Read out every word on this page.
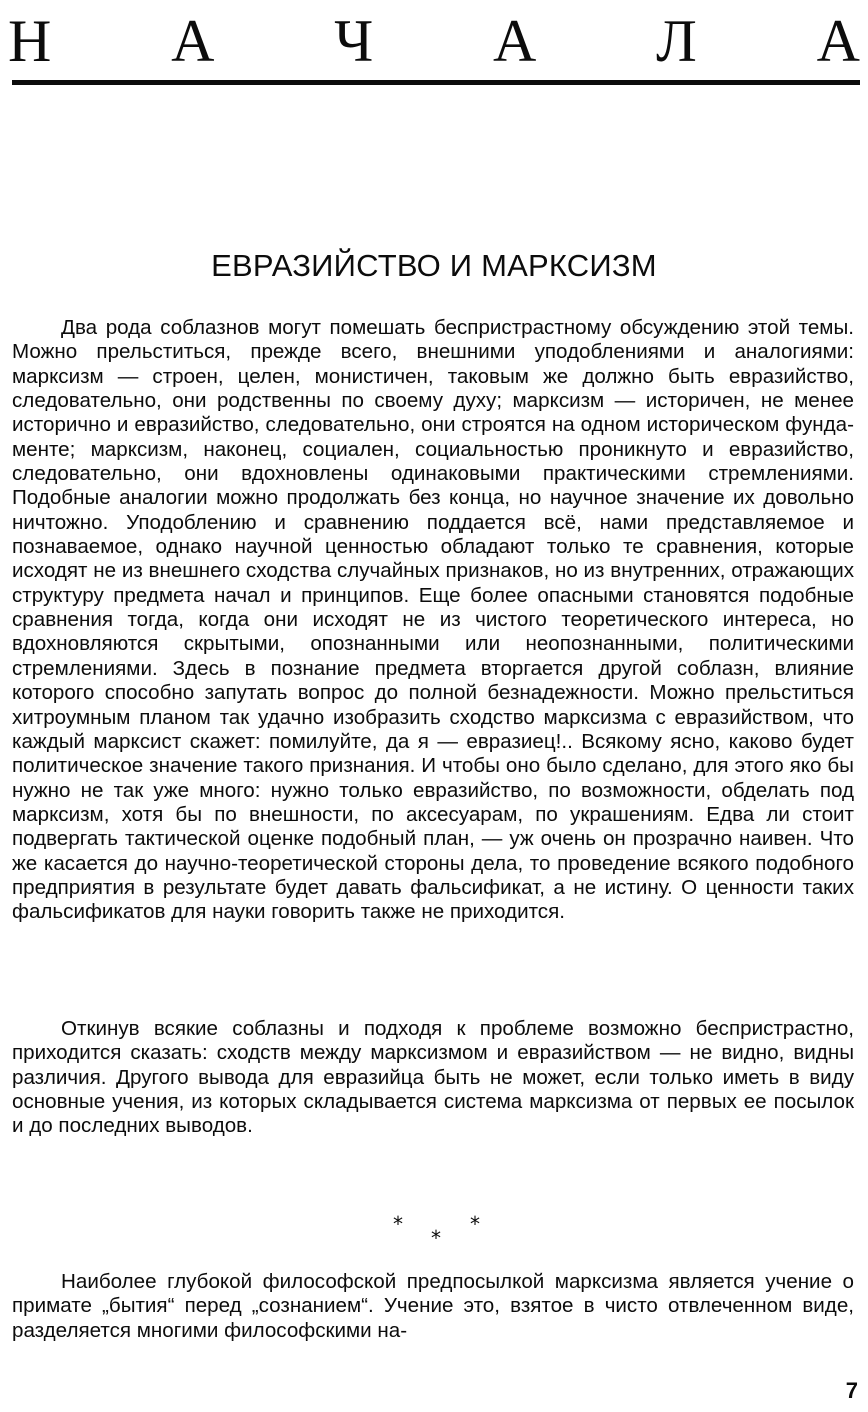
Н А Ч А Л А
ЕВРАЗИЙСТВО И МАРКСИЗМ

Два рода соблазнов могут помешать беспристрастному обсуждению этой темы. Можно прельститься, прежде всего, внешними уподоблениями и аналогиями: марксизм — строен, целен, монистичен, таковым же должно быть евразийство, следовательно, они родственны по своему духу; марксизм — историчен, не менее исторично и евразийство, следовательно, они строятся на одном историческом фундаменте; марксизм, наконец, социален, социальностью проникнуто и евразийство, следовательно, они вдохновлены одинаковыми практическими стремлениями. Подобные аналогии можно продолжать без конца, но научное значение их довольно ничтожно. Уподоблению и сравнению поддается всё, нами представляемое и познаваемое, однако научной ценностью обладают только те сравнения, которые исходят не из внешнего сходства случайных признаков, но из внутренних, отражающих структуру предмета начал и принципов. Еще более опасными становятся подобные сравнения тогда, когда они исходят не из чистого теоретического интереса, но вдохновляются скрытыми, опознанными или неопознанными, политическими стремлениями. Здесь в познание предмета вторгается другой соблазн, влияние которого способно запутать вопрос до полной безнадежности. Можно прельститься хитроумным планом так удачно изобразить сходство марксизма с евразийством, что каждый марксист скажет: помилуйте, да я — евразиец!.. Всякому ясно, каково будет политическое значение такого признания. И чтобы оно было сделано, для этого яко бы нужно не так уже много: нужно только евразийство, по возможности, обделать под марксизм, хотя бы по внешности, по аксесуарам, по украшениям. Едва ли стоит подвергать тактической оценке подобный план, — уж очень он прозрачно наивен. Что же касается до научно-теоретической стороны дела, то проведение всякого подобного предприятия в результате будет давать фальсификат, а не истину. О ценности таких фальсификатов для науки говорить также не приходится.

Откинув всякие соблазны и подходя к проблеме возможно беспристрастно, приходится сказать: сходств между марксизмом и евразийством — не видно, видны различия. Другого вывода для евразийца быть не может, если только иметь в виду основные учения, из которых складывается система марксизма от первых ее посылок и до последних выводов.

*	*
*

Наиболее глубокой философской предпосылкой марксизма является учение о примате „бытия“ перед „сознанием“. Учение это, взятое в чисто отвлеченном виде, разделяется многими философскими на-

7
